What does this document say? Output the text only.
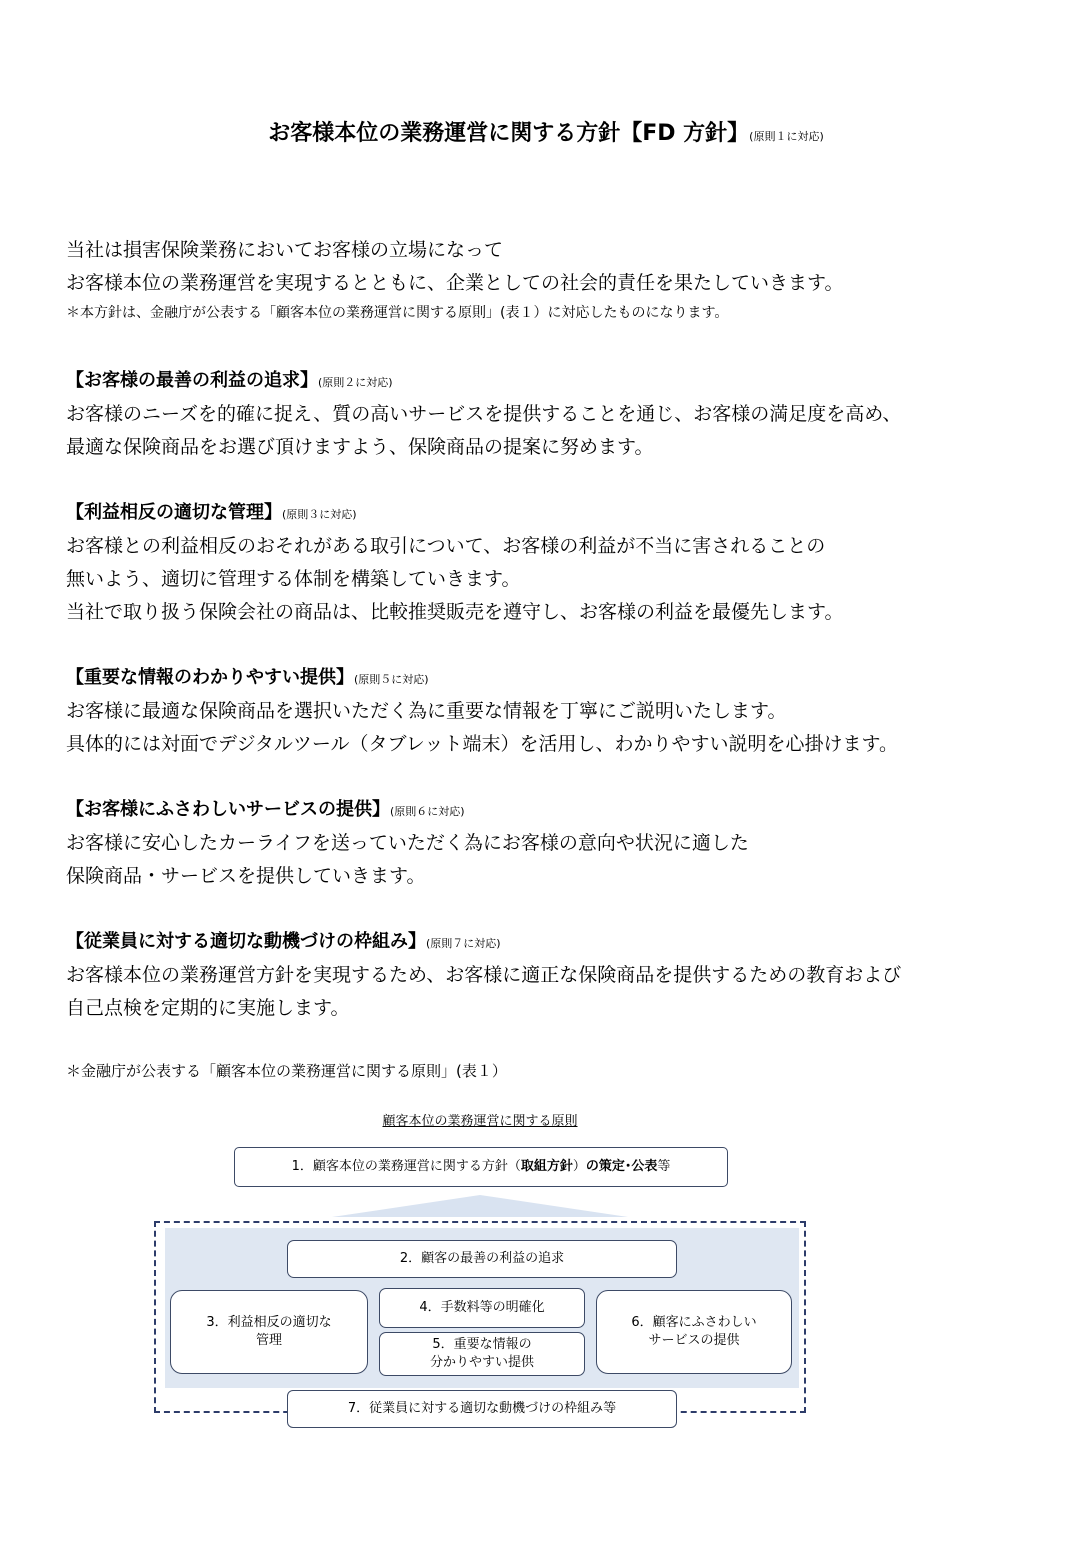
お客様本位の業務運営に関する方針【FD 方針】(原則１に対応)
当社は損害保険業務においてお客様の立場になって
お客様本位の業務運営を実現するとともに、企業としての社会的責任を果たしていきます。
＊本方針は、金融庁が公表する「顧客本位の業務運営に関する原則」(表１）に対応したものになります。
【お客様の最善の利益の追求】(原則２に対応)
お客様のニーズを的確に捉え、質の高いサービスを提供することを通じ、お客様の満足度を高め、
最適な保険商品をお選び頂けますよう、保険商品の提案に努めます。
【利益相反の適切な管理】(原則３に対応)
お客様との利益相反のおそれがある取引について、お客様の利益が不当に害されることの
無いよう、適切に管理する体制を構築していきます。
当社で取り扱う保険会社の商品は、比較推奨販売を遵守し、お客様の利益を最優先します。
【重要な情報のわかりやすい提供】(原則５に対応)
お客様に最適な保険商品を選択いただく為に重要な情報を丁寧にご説明いたします。
具体的には対面でデジタルツール（タブレット端末）を活用し、わかりやすい説明を心掛けます。
【お客様にふさわしいサービスの提供】(原則６に対応)
お客様に安心したカーライフを送っていただく為にお客様の意向や状況に適した
保険商品・サービスを提供していきます。
【従業員に対する適切な動機づけの枠組み】(原則７に対応)
お客様本位の業務運営方針を実現するため、お客様に適正な保険商品を提供するための教育および
自己点検を定期的に実施します。
＊金融庁が公表する「顧客本位の業務運営に関する原則」(表１）
顧客本位の業務運営に関する原則
1．顧客本位の業務運営に関する方針（ 取組方針 ） の策定･公表 等
2．顧客の最善の利益の追求
3．利益相反の適切な
管理
4．手数料等の明確化
5．重要な情報の
分かりやすい提供
6．顧客にふさわしい
サービスの提供
7．従業員に対する適切な動機づけの枠組み等
